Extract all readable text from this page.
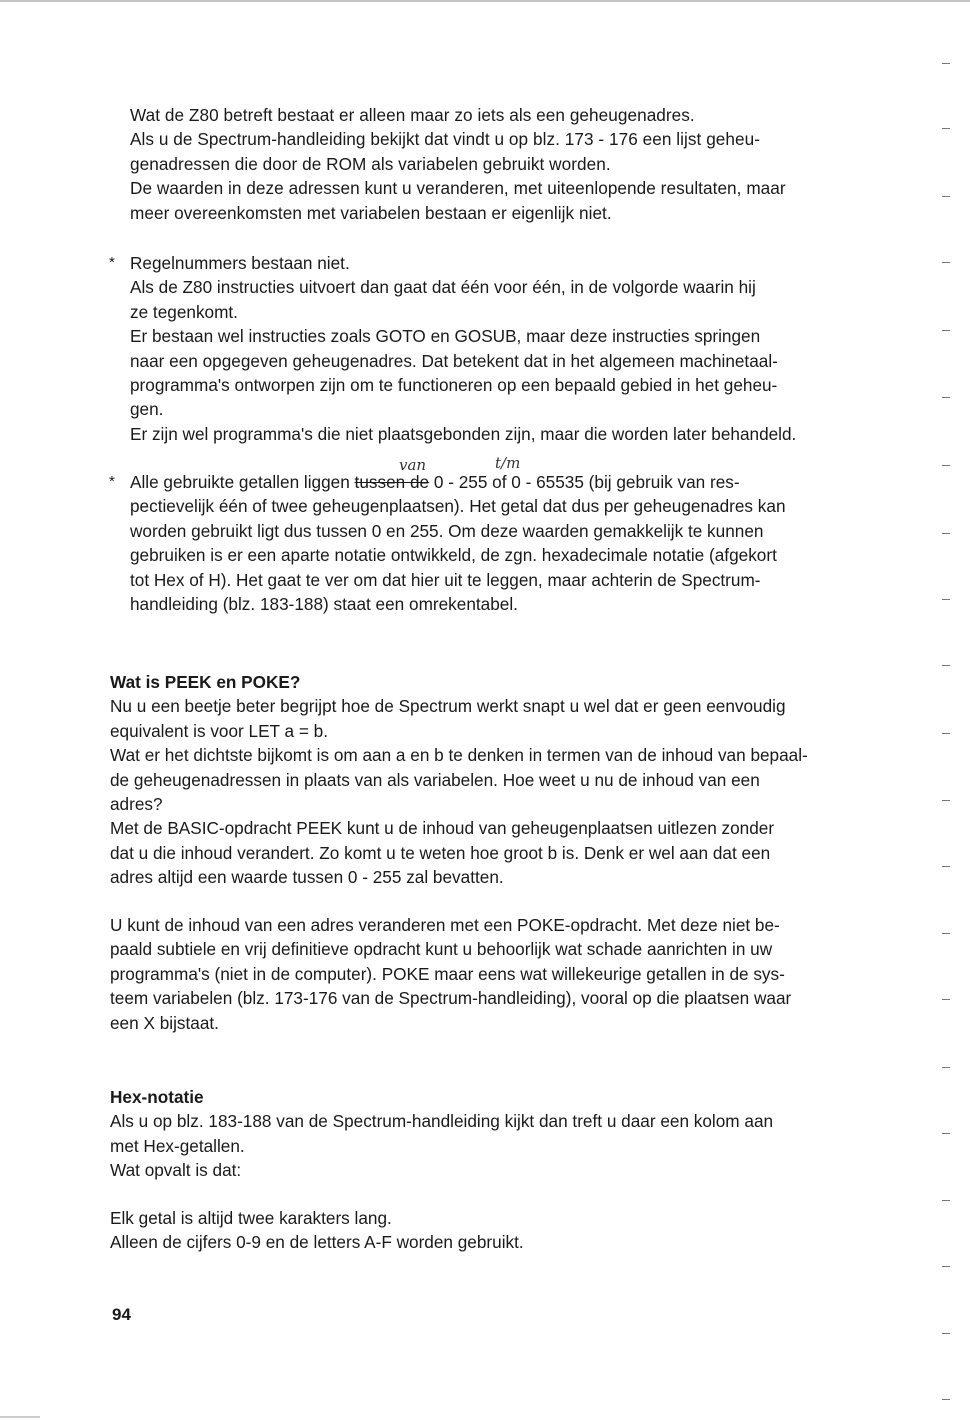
Wat de Z80 betreft bestaat er alleen maar zo iets als een geheugenadres.

Als u de Spectrum-handleiding bekijkt dat vindt u op blz. 173 - 176 een lijst geheu-

genadressen die door de ROM als variabelen gebruikt worden.

De waarden in deze adressen kunt u veranderen, met uiteenlopende resultaten, maar

meer overeenkomsten met variabelen bestaan er eigenlijk niet.

* Regelnummers bestaan niet.

Als de Z80 instructies uitvoert dan gaat dat één voor één, in de volgorde waarin hij

ze tegenkomt.

Er bestaan wel instructies zoals GOTO en GOSUB, maar deze instructies springen

naar een opgegeven geheugenadres. Dat betekent dat in het algemeen machinetaal-

programma's ontworpen zijn om te functioneren op een bepaald gebied in het geheu-

gen.

Er zijn wel programma's die niet plaatsgebonden zijn, maar die worden later behandeld.

van	t/m
* Alle gebruikte getallen liggen tussen de 0 - 255 of 0 - 65535 (bij gebruik van res-

pectievelijk één of twee geheugenplaatsen). Het getal dat dus per geheugenadres kan

worden gebruikt ligt dus tussen 0 en 255. Om deze waarden gemakkelijk te kunnen

gebruiken is er een aparte notatie ontwikkeld, de zgn. hexadecimale notatie (afgekort

tot Hex of H). Het gaat te ver om dat hier uit te leggen, maar achterin de Spectrum-

handleiding (blz. 183-188) staat een omrekentabel.

Wat is PEEK en POKE?

Nu u een beetje beter begrijpt hoe de Spectrum werkt snapt u wel dat er geen eenvoudig

equivalent is voor LET a = b.

Wat er het dichtste bijkomt is om aan a en b te denken in termen van de inhoud van bepaal-

de geheugenadressen in plaats van als variabelen. Hoe weet u nu de inhoud van een

adres?

Met de BASIC-opdracht PEEK kunt u de inhoud van geheugenplaatsen uitlezen zonder

dat u die inhoud verandert. Zo komt u te weten hoe groot b is. Denk er wel aan dat een

adres altijd een waarde tussen 0 - 255 zal bevatten.

U kunt de inhoud van een adres veranderen met een POKE-opdracht. Met deze niet be-

paald subtiele en vrij definitieve opdracht kunt u behoorlijk wat schade aanrichten in uw

programma's (niet in de computer). POKE maar eens wat willekeurige getallen in de sys-

teem variabelen (blz. 173-176 van de Spectrum-handleiding), vooral op die plaatsen waar

een X bijstaat.

Hex-notatie

Als u op blz. 183-188 van de Spectrum-handleiding kijkt dan treft u daar een kolom aan

met Hex-getallen.

Wat opvalt is dat:

Elk getal is altijd twee karakters lang.

Alleen de cijfers 0-9 en de letters A-F worden gebruikt.

94
